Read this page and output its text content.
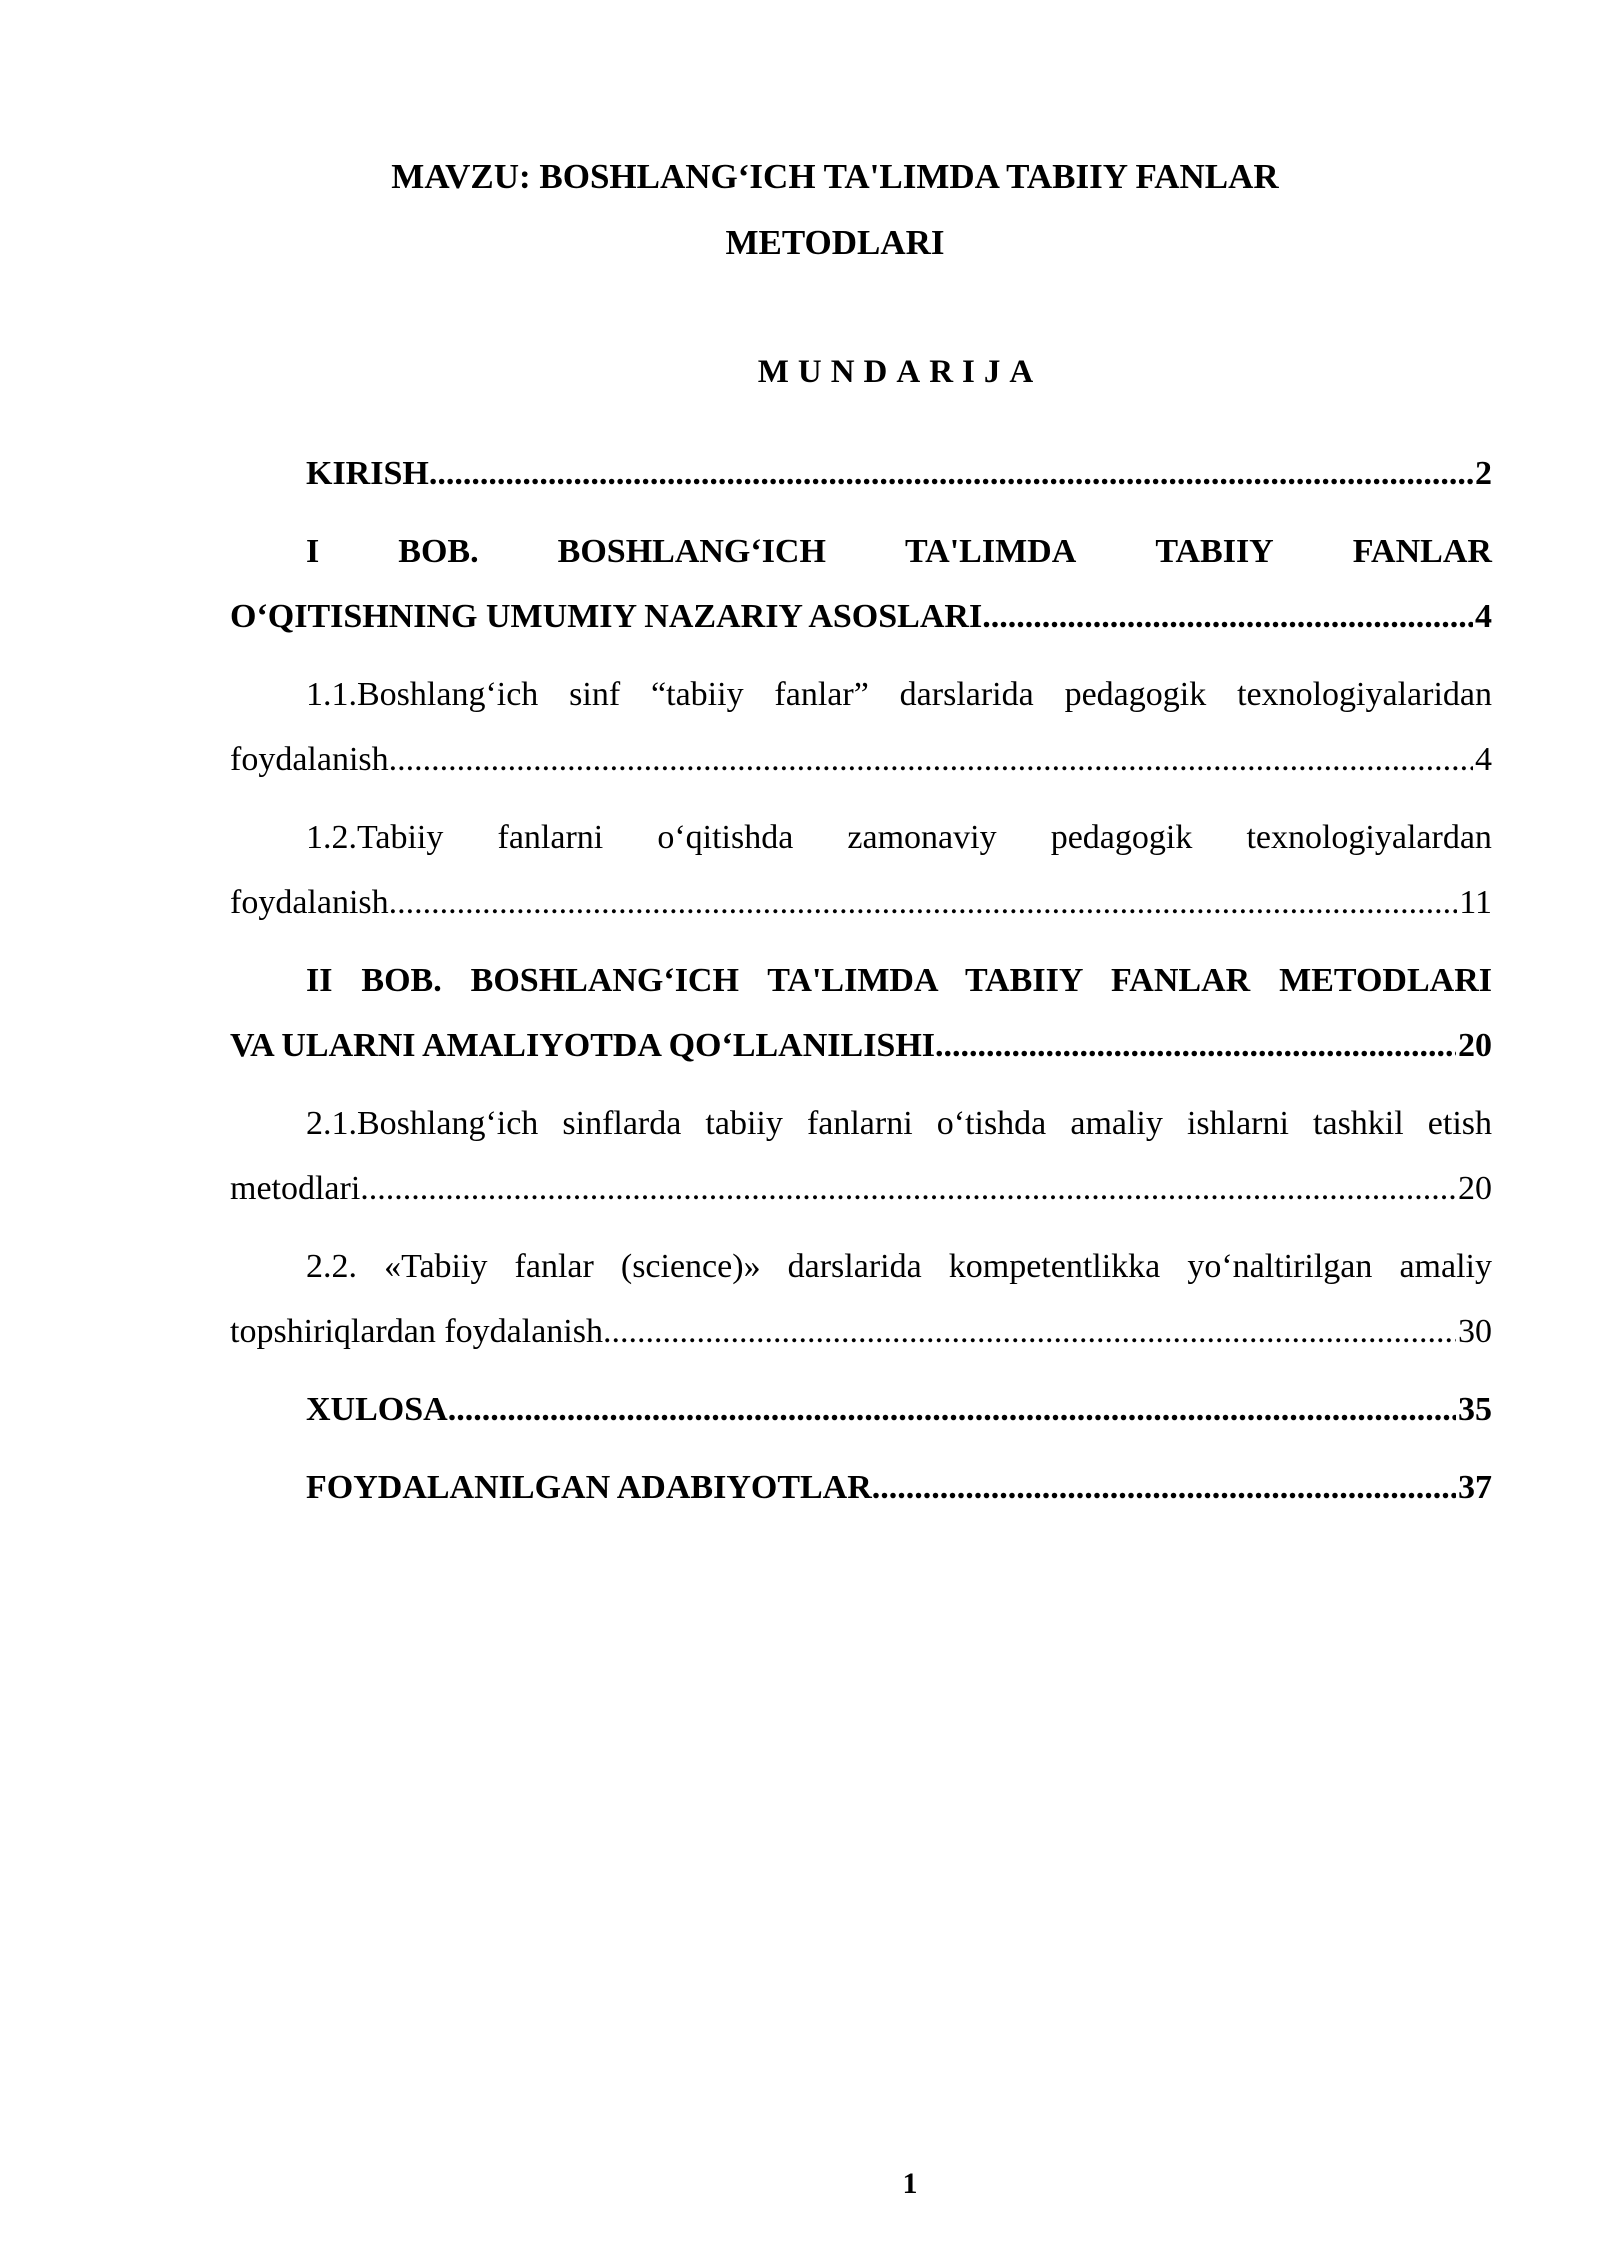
MAVZU: BOSHLANG‘ICH TA'LIMDA TABIIY FANLAR
METODLARI
MUNDARIJA
KIRISH .....	2
I BOB. BOSHLANG‘ICH TA'LIMDA TABIIY FANLAR
O‘QITISHNING UMUMIY NAZARIY ASOSLARI .....	4
1.1.Boshlang‘ich sinf “tabiiy fanlar” darslarida pedagogik texnologiyalaridan
foydalanish .....	4
1.2.Tabiiy fanlarni o‘qitishda zamonaviy pedagogik texnologiyalardan
foydalanish .....	11
II BOB. BOSHLANG‘ICH TA'LIMDA TABIIY FANLAR METODLARI
VA ULARNI AMALIYOTDA QO‘LLANILISHI .....	20
2.1.Boshlang‘ich sinflarda tabiiy fanlarni o‘tishda amaliy ishlarni tashkil etish
metodlari .....	20
2.2. «Tabiiy fanlar (science)» darslarida kompetentlikka yo‘naltirilgan amaliy
topshiriqlardan foydalanish .....	30
XULOSA .....	35
FOYDALANILGAN ADABIYOTLAR .....	37
1
